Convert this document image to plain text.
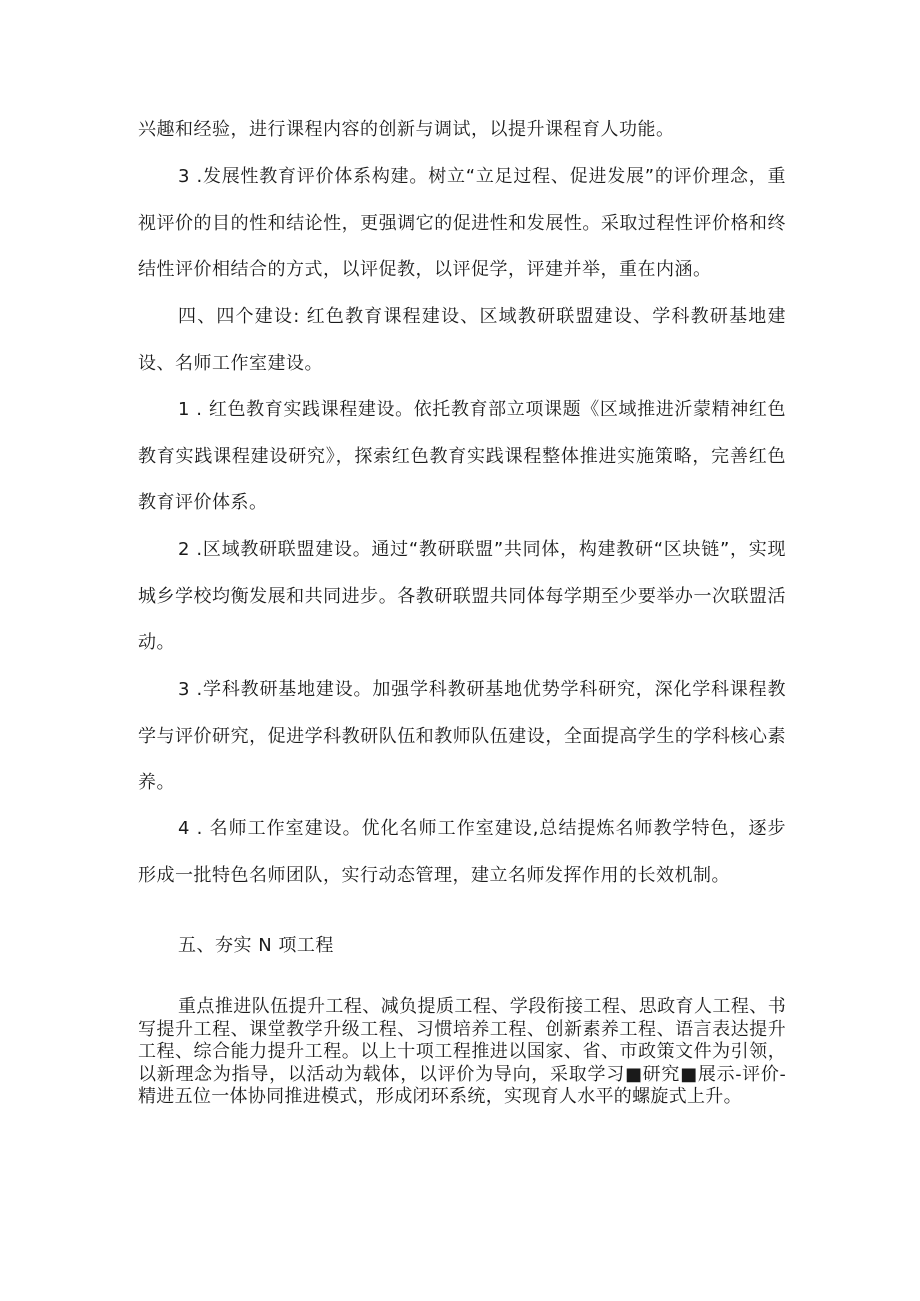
兴趣和经验，进行课程内容的创新与调试，以提升课程育人功能。

3 .发展性教育评价体系构建。树立“立足过程、促进发展”的评价理念，重视评价的目的性和结论性，更强调它的促进性和发展性。采取过程性评价格和终结性评价相结合的方式，以评促教，以评促学，评建并举，重在内涵。

四、四个建设: 红色教育课程建设、区域教研联盟建设、学科教研基地建设、名师工作室建设。

1 . 红色教育实践课程建设。依托教育部立项课题《区域推进沂蒙精神红色教育实践课程建设研究》，探索红色教育实践课程整体推进实施策略，完善红色教育评价体系。

2 .区域教研联盟建设。通过“教研联盟”共同体，构建教研“区块链”，实现城乡学校均衡发展和共同进步。各教研联盟共同体每学期至少要举办一次联盟活动。

3 .学科教研基地建设。加强学科教研基地优势学科研究，深化学科课程教学与评价研究，促进学科教研队伍和教师队伍建设，全面提高学生的学科核心素养。

4 . 名师工作室建设。优化名师工作室建设,总结提炼名师教学特色，逐步形成一批特色名师团队，实行动态管理，建立名师发挥作用的长效机制。

五、夯实 N 项工程

重点推进队伍提升工程、减负提质工程、学段衔接工程、思政育人工程、书写提升工程、课堂教学升级工程、习惯培养工程、创新素养工程、语言表达提升工程、综合能力提升工程。以上十项工程推进以国家、省、市政策文件为引领，以新理念为指导，以活动为载体，以评价为导向，采取学习■研究■展示-评价-精进五位一体协同推进模式，形成闭环系统，实现育人水平的螺旋式上升。
